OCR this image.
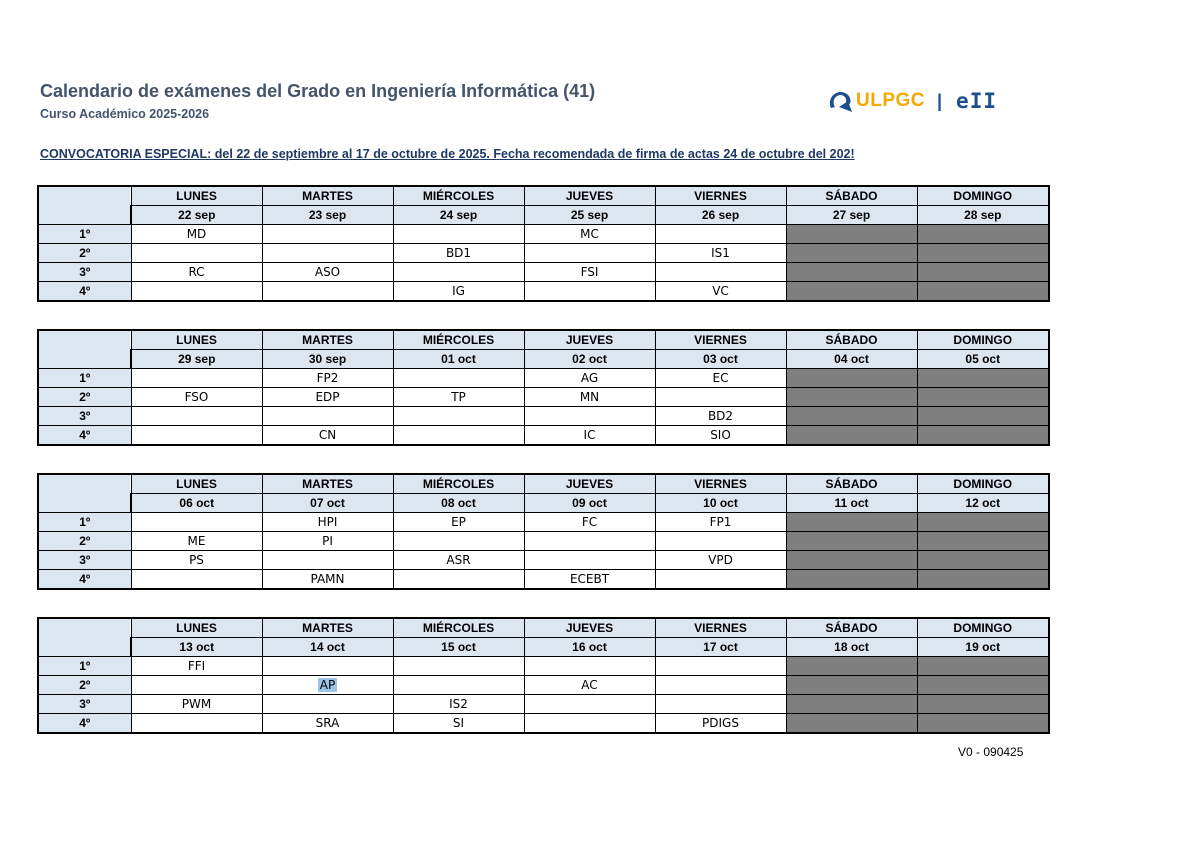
Calendario de exámenes del Grado en Ingeniería Informática (41)
Curso Académico 2025-2026
ULPGC | eII
CONVOCATORIA ESPECIAL: del 22 de septiembre al 17 de octubre de 2025. Fecha recomendada de firma de actas 24 de octubre del 202!
	LUNES	MARTES	MIÉRCOLES	JUEVES	VIERNES	SÁBADO	DOMINGO
	22 sep	23 sep	24 sep	25 sep	26 sep	27 sep	28 sep
1º	MD			MC			
2º			BD1		IS1		
3º	RC	ASO		FSI			
4º			IG		VC		
	LUNES	MARTES	MIÉRCOLES	JUEVES	VIERNES	SÁBADO	DOMINGO
	29 sep	30 sep	01 oct	02 oct	03 oct	04 oct	05 oct
1º		FP2		AG	EC		
2º	FSO	EDP	TP	MN			
3º					BD2		
4º		CN		IC	SIO		
	LUNES	MARTES	MIÉRCOLES	JUEVES	VIERNES	SÁBADO	DOMINGO
	06 oct	07 oct	08 oct	09 oct	10 oct	11 oct	12 oct
1º		HPI	EP	FC	FP1		
2º	ME	PI					
3º	PS		ASR		VPD		
4º		PAMN		ECEBT			
	LUNES	MARTES	MIÉRCOLES	JUEVES	VIERNES	SÁBADO	DOMINGO
	13 oct	14 oct	15 oct	16 oct	17 oct	18 oct	19 oct
1º	FFI						
2º		AP		AC			
3º	PWM		IS2				
4º		SRA	SI		PDIGS		
V0 - 090425
